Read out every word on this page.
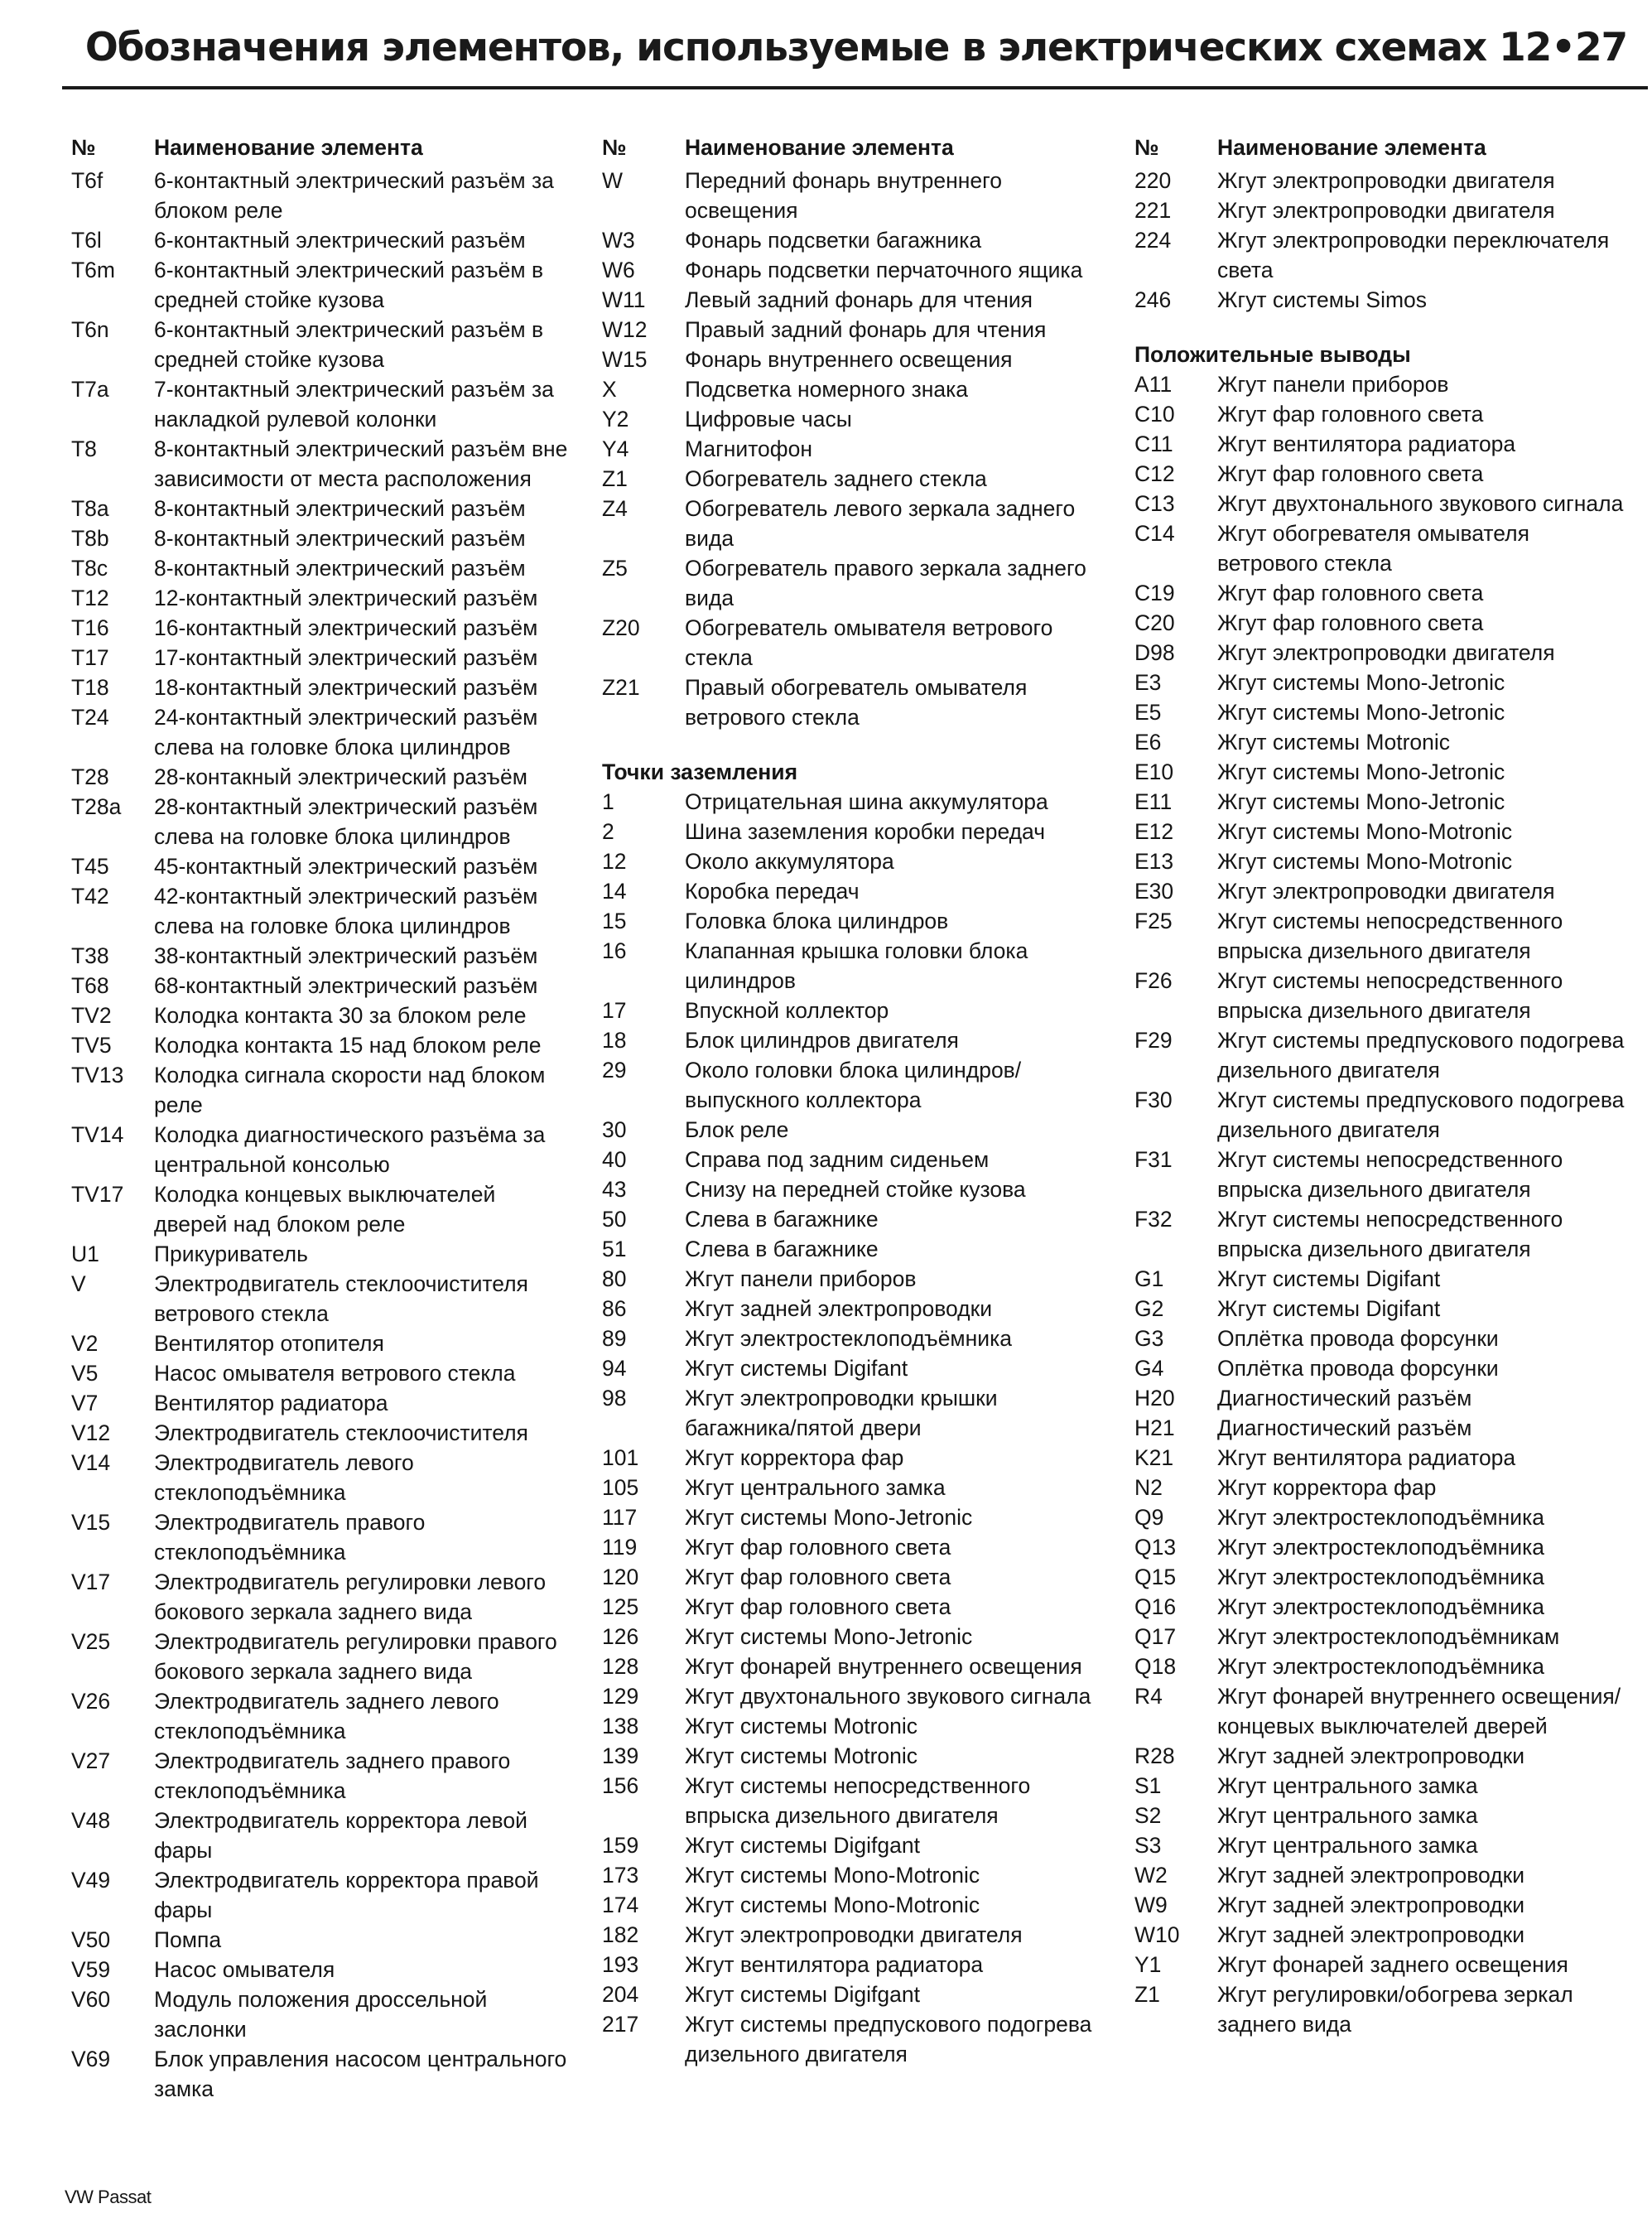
Обозначения элементов, используемые в электрических схемах 12•27
№	Наименование элемента
T6f	6-контактный электрический разъём за блоком реле
T6l	6-контактный электрический разъём
T6m	6-контактный электрический разъём в средней стойке кузова
T6n	6-контактный электрический разъём в средней стойке кузова
T7a	7-контактный электрический разъём за накладкой рулевой колонки
T8	8-контактный электрический разъём вне зависимости от места расположения
T8a	8-контактный электрический разъём
T8b	8-контактный электрический разъём
T8c	8-контактный электрический разъём
T12	12-контактный электрический разъём
T16	16-контактный электрический разъём
T17	17-контактный электрический разъём
T18	18-контактный электрический разъём
T24	24-контактный электрический разъём слева на головке блока цилиндров
T28	28-контакный электрический разъём
T28a	28-контактный электрический разъём слева на головке блока цилиндров
T45	45-контактный электрический разъём
T42	42-контактный электрический разъём слева на головке блока цилиндров
T38	38-контактный электрический разъём
T68	68-контактный электрический разъём
TV2	Колодка контакта 30 за блоком реле
TV5	Колодка контакта 15 над блоком реле
TV13	Колодка сигнала скорости над блоком реле
TV14	Колодка диагностического разъёма за центральной консолью
TV17	Колодка концевых выключателей дверей над блоком реле
U1	Прикуриватель
V	Электродвигатель стеклоочистителя ветрового стекла
V2	Вентилятор отопителя
V5	Насос омывателя ветрового стекла
V7	Вентилятор радиатора
V12	Электродвигатель стеклоочистителя
V14	Электродвигатель левого стеклоподъёмника
V15	Электродвигатель правого стеклоподъёмника
V17	Электродвигатель регулировки левого бокового зеркала заднего вида
V25	Электродвигатель регулировки правого бокового зеркала заднего вида
V26	Электродвигатель заднего левого стеклоподъёмника
V27	Электродвигатель заднего правого стеклоподъёмника
V48	Электродвигатель корректора левой фары
V49	Электродвигатель корректора правой фары
V50	Помпа
V59	Насос омывателя
V60	Модуль положения дроссельной заслонки
V69	Блок управления насосом центрального замка
№	Наименование элемента
W	Передний фонарь внутреннего освещения
W3	Фонарь подсветки багажника
W6	Фонарь подсветки перчаточного ящика
W11	Левый задний фонарь для чтения
W12	Правый задний фонарь для чтения
W15	Фонарь внутреннего освещения
X	Подсветка номерного знака
Y2	Цифровые часы
Y4	Магнитофон
Z1	Обогреватель заднего стекла
Z4	Обогреватель левого зеркала заднего вида
Z5	Обогреватель правого зеркала заднего вида
Z20	Обогреватель омывателя ветрового стекла
Z21	Правый обогреватель омывателя ветрового стекла
Точки заземления
1	Отрицательная шина аккумулятора
2	Шина заземления коробки передач
12	Около аккумулятора
14	Коробка передач
15	Головка блока цилиндров
16	Клапанная крышка головки блока цилиндров
17	Впускной коллектор
18	Блок цилиндров двигателя
29	Около головки блока цилиндров/выпускного коллектора
30	Блок реле
40	Справа под задним сиденьем
43	Снизу на передней стойке кузова
50	Слева в багажнике
51	Слева в багажнике
80	Жгут панели приборов
86	Жгут задней электропроводки
89	Жгут электростеклоподъёмника
94	Жгут системы Digifant
98	Жгут электропроводки крышки багажника/пятой двери
101	Жгут корректора фар
105	Жгут центрального замка
117	Жгут системы Mono-Jetronic
119	Жгут фар головного света
120	Жгут фар головного света
125	Жгут фар головного света
126	Жгут системы Mono-Jetronic
128	Жгут фонарей внутреннего освещения
129	Жгут двухтонального звукового сигнала
138	Жгут системы Motronic
139	Жгут системы Motronic
156	Жгут системы непосредственного впрыска дизельного двигателя
159	Жгут системы Digifgant
173	Жгут системы Mono-Motronic
174	Жгут системы Mono-Motronic
182	Жгут электропроводки двигателя
193	Жгут вентилятора радиатора
204	Жгут системы Digifgant
217	Жгут системы предпускового подогрева дизельного двигателя
№	Наименование элемента
220	Жгут электропроводки двигателя
221	Жгут электропроводки двигателя
224	Жгут электропроводки переключателя света
246	Жгут системы Simos
Положительные выводы
A11	Жгут панели приборов
C10	Жгут фар головного света
C11	Жгут вентилятора радиатора
C12	Жгут фар головного света
C13	Жгут двухтонального звукового сигнала
C14	Жгут обогревателя омывателя ветрового стекла
C19	Жгут фар головного света
C20	Жгут фар головного света
D98	Жгут электропроводки двигателя
E3	Жгут системы Mono-Jetronic
E5	Жгут системы Mono-Jetronic
E6	Жгут системы Motronic
E10	Жгут системы Mono-Jetronic
E11	Жгут системы Mono-Jetronic
E12	Жгут системы Mono-Motronic
E13	Жгут системы Mono-Motronic
E30	Жгут электропроводки двигателя
F25	Жгут системы непосредственного впрыска дизельного двигателя
F26	Жгут системы непосредственного впрыска дизельного двигателя
F29	Жгут системы предпускового подогрева дизельного двигателя
F30	Жгут системы предпускового подогрева дизельного двигателя
F31	Жгут системы непосредственного впрыска дизельного двигателя
F32	Жгут системы непосредственного впрыска дизельного двигателя
G1	Жгут системы Digifant
G2	Жгут системы Digifant
G3	Оплётка провода форсунки
G4	Оплётка провода форсунки
H20	Диагностический разъём
H21	Диагностический разъём
K21	Жгут вентилятора радиатора
N2	Жгут корректора фар
Q9	Жгут электростеклоподъёмника
Q13	Жгут электростеклоподъёмника
Q15	Жгут электростеклоподъёмника
Q16	Жгут электростеклоподъёмника
Q17	Жгут электростеклоподъёмникам
Q18	Жгут электростеклоподъёмника
R4	Жгут фонарей внутреннего освещения/концевых выключателей дверей
R28	Жгут задней электропроводки
S1	Жгут центрального замка
S2	Жгут центрального замка
S3	Жгут центрального замка
W2	Жгут задней электропроводки
W9	Жгут задней электропроводки
W10	Жгут задней электропроводки
Y1	Жгут фонарей заднего освещения
Z1	Жгут регулировки/обогрева зеркал заднего вида
VW Passat
